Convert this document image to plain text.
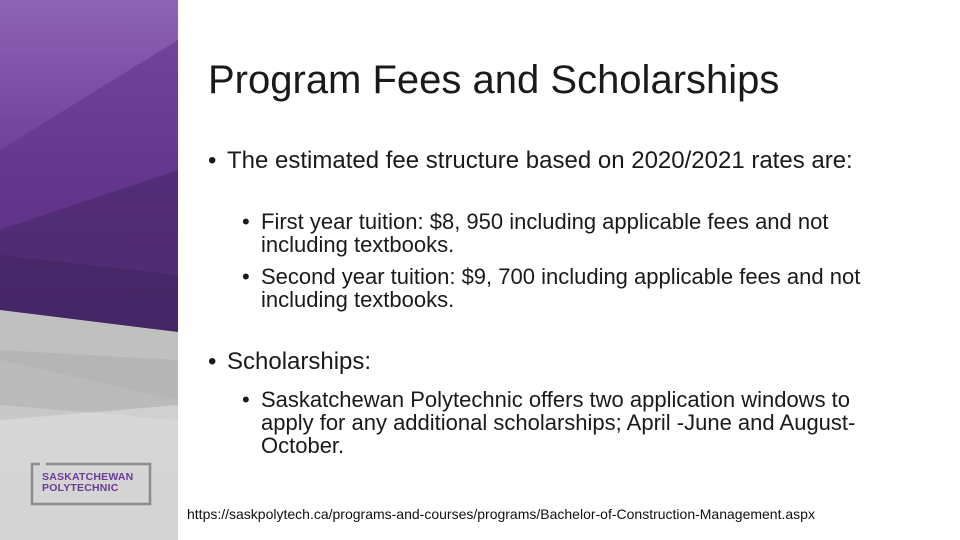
SASKATCHEWAN
POLYTECHNIC
Program Fees and Scholarships
• The estimated fee structure based on 2020/2021 rates are:
• First year tuition: $8, 950 including applicable fees and not including textbooks.
• Second year tuition: $9, 700 including applicable fees and not including textbooks.
• Scholarships:
• Saskatchewan Polytechnic offers two application windows to apply for any additional scholarships; April -June and August-October.
https://saskpolytech.ca/programs-and-courses/programs/Bachelor-of-Construction-Management.aspx
